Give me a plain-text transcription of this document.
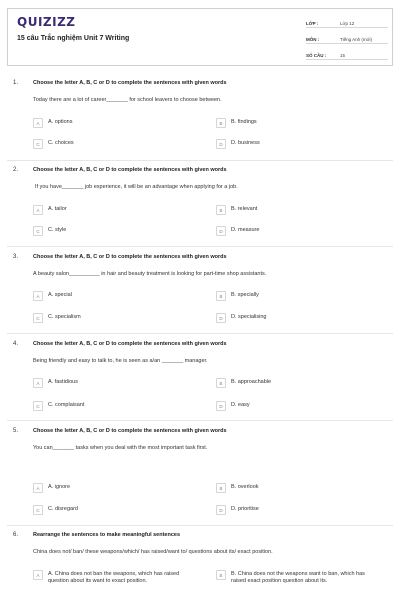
QUIZIZZ
15 câu Trắc nghiệm Unit 7 Writing
LỚP :	Lớp 12
MÔN :	Tiếng Anh (mới)
SỐ CÂU :	15
1.	Choose the letter A, B, C or D to complete the sentences with given words
Today there are a lot of career_______ for school leavers to choose between.
A	A. options	B	B. findings
C	C. choices	D	D. business
2.	Choose the letter A, B, C or D to complete the sentences with given words
If you have_______ job experience, it will be an advantage when applying for a job.
A	A. tailor	B	B. relevant
C	C. style	D	D. measure
3.	Choose the letter A, B, C or D to complete the sentences with given words
A beauty salon__________ in hair and beauty treatment is looking for part-time shop assistants.
A	A. special	B	B. specially
C	C. specialism	D	D. specialising
4.	Choose the letter A, B, C or D to complete the sentences with given words
Being friendly and easy to talk to, he is seen as a/an _______ manager.
A	A. fastidious	B	B. approachable
C	C. complaisant	D	D. easy
5.	Choose the letter A, B, C or D to complete the sentences with given words
You can_______ tasks when you deal with the most important task first.
A	A. ignore	B	B. overlook
C	C. disregard	D	D. prioritise
6.	Rearrange the sentences to make meaningful sentences
China does not/ ban/ these weapons/which/ has raised/want to/ questions about its/ exact position.
A	A. China does not ban the weapons, which has raised question about its want to exact position.
B	B. China does not the weapons want to ban, which has raised exact position question about its.
